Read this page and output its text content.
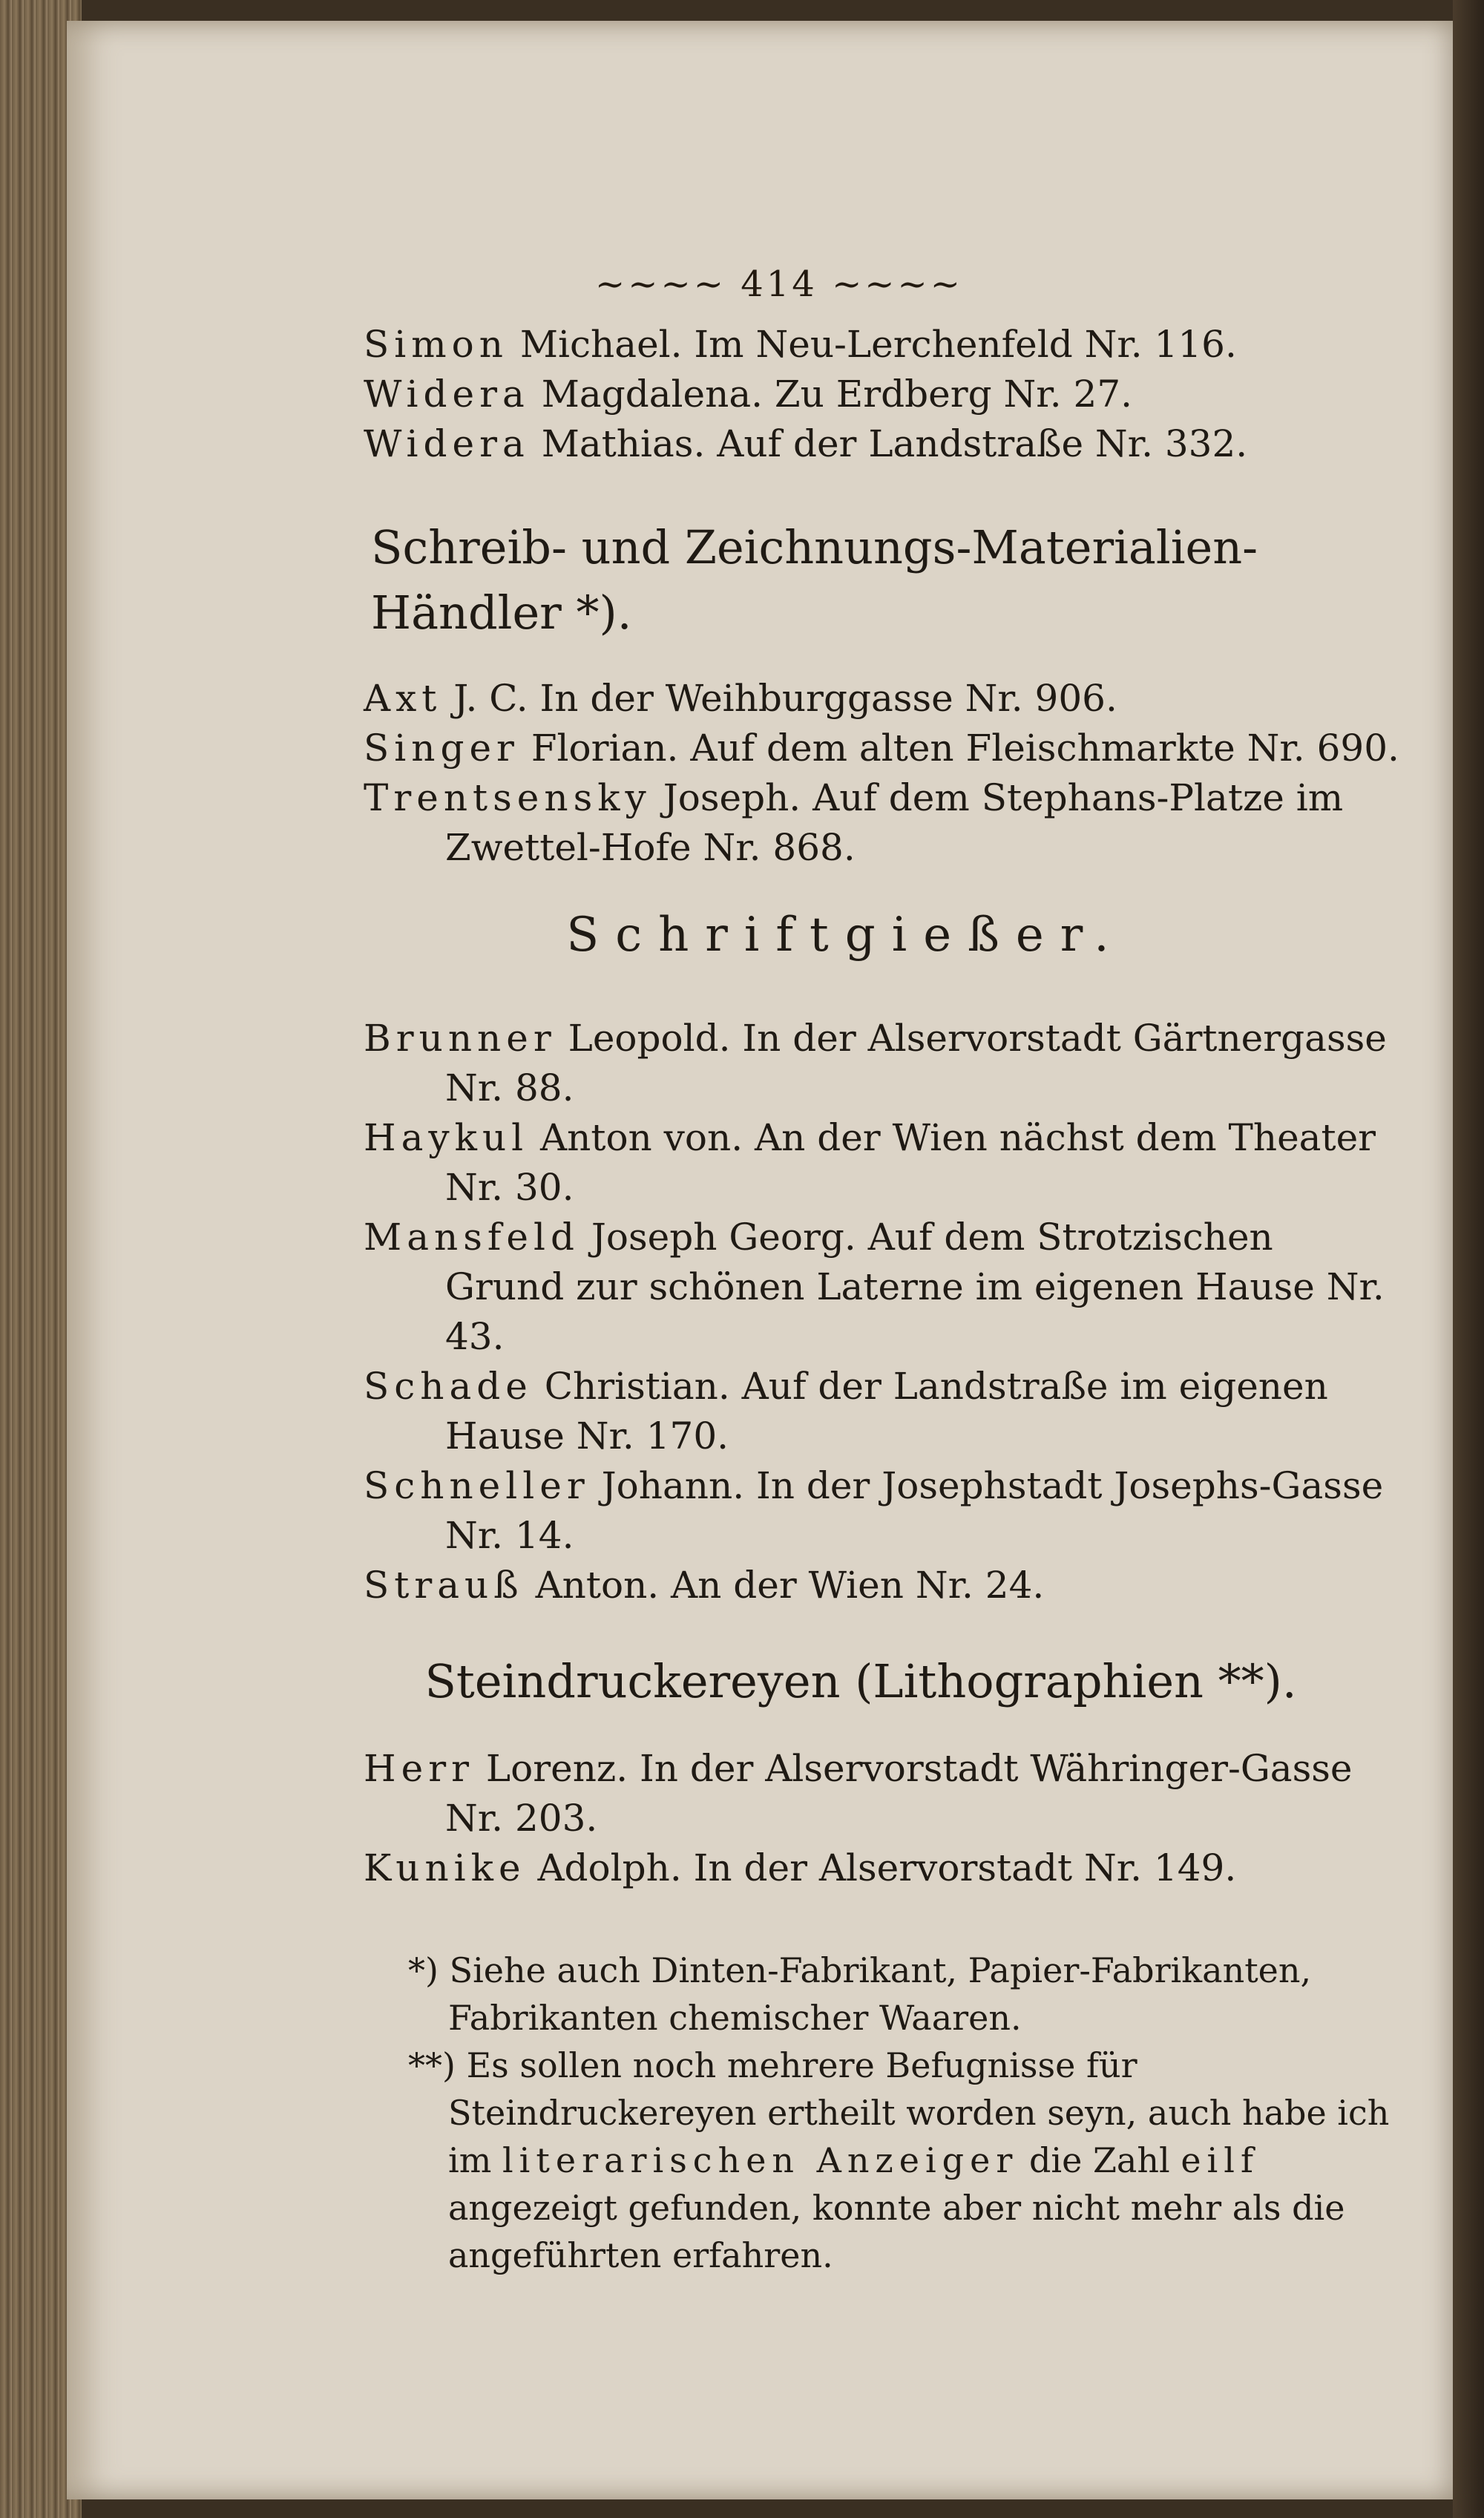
~~~~ 414 ~~~~

Simon Michael. Im Neu-Lerchenfeld Nr. 116.

Widera Magdalena. Zu Erdberg Nr. 27.

Widera Mathias. Auf der Landstraße Nr. 332.

Schreib- und Zeichnungs-Materialien-Händler *).

Axt J. C. In der Weihburggasse Nr. 906.

Singer Florian. Auf dem alten Fleischmarkte Nr. 690.

Trentsensky Joseph. Auf dem Stephans-Platze im Zwettel-Hofe Nr. 868.

Schriftgießer.

Brunner Leopold. In der Alservorstadt Gärtnergasse Nr. 88.

Haykul Anton von. An der Wien nächst dem Theater Nr. 30.

Mansfeld Joseph Georg. Auf dem Strotzischen Grund zur schönen Laterne im eigenen Hause Nr. 43.

Schade Christian. Auf der Landstraße im eigenen Hause Nr. 170.

Schneller Johann. In der Josephstadt Josephs-Gasse Nr. 14.

Strauß Anton. An der Wien Nr. 24.

Steindruckereyen (Lithographien **).

Herr Lorenz. In der Alservorstadt Währinger-Gasse Nr. 203.

Kunike Adolph. In der Alservorstadt Nr. 149.

*) Siehe auch Dinten-Fabrikant, Papier-Fabrikanten, Fabrikanten chemischer Waaren.

**) Es sollen noch mehrere Befugnisse für Steindruckereyen ertheilt worden seyn, auch habe ich im literarischen Anzeiger die Zahl eilf angezeigt gefunden, konnte aber nicht mehr als die angeführten erfahren.
